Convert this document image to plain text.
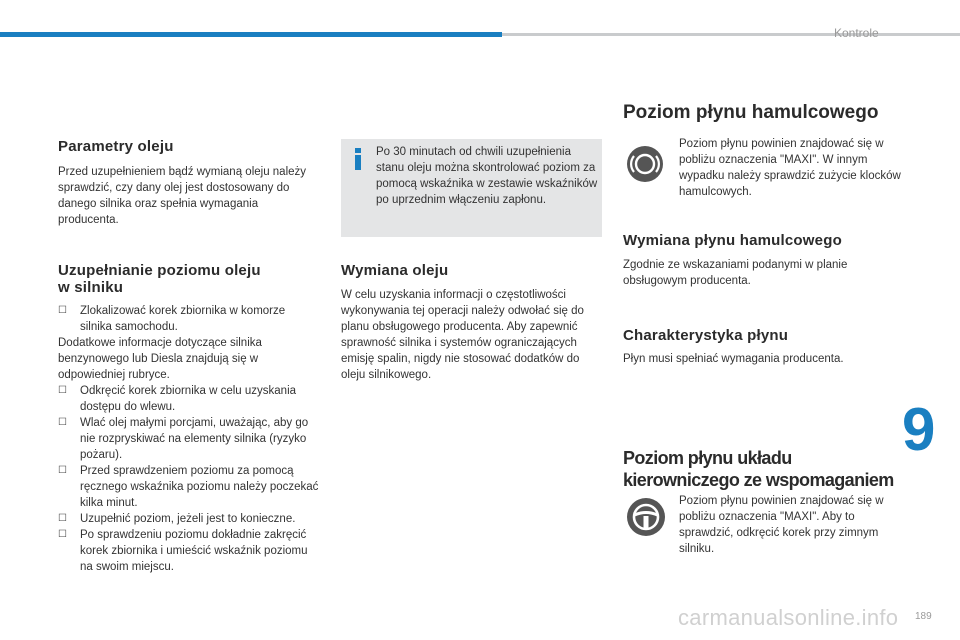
Kontrole
Parametry oleju

Przed uzupełnieniem bądź wymianą oleju należy sprawdzić, czy dany olej jest dostosowany do danego silnika oraz spełnia wymagania producenta.

Uzupełnianie poziomu oleju
w silniku
☐	Zlokalizować korek zbiornika w komorze silnika samochodu.

Dodatkowe informacje dotyczące silnika benzynowego lub Diesla znajdują się w odpowiedniej rubryce.

☐	Odkręcić korek zbiornika w celu uzyskania dostępu do wlewu.
☐	Wlać olej małymi porcjami, uważając, aby go nie rozpryskiwać na elementy silnika (ryzyko pożaru).
☐	Przed sprawdzeniem poziomu za pomocą ręcznego wskaźnika poziomu należy poczekać kilka minut.
☐	Uzupełnić poziom, jeżeli jest to konieczne.
☐	Po sprawdzeniu poziomu dokładnie zakręcić korek zbiornika i umieścić wskaźnik poziomu na swoim miejscu.

Po 30 minutach od chwili uzupełnienia stanu oleju można skontrolować poziom za pomocą wskaźnika w zestawie wskaźników po uprzednim włączeniu zapłonu.

Wymiana oleju

W celu uzyskania informacji o częstotliwości wykonywania tej operacji należy odwołać się do planu obsługowego producenta. Aby zapewnić sprawność silnika i systemów ograniczających emisję spalin, nigdy nie stosować dodatków do oleju silnikowego.

Poziom płynu hamulcowego

Poziom płynu powinien znajdować się w pobliżu oznaczenia "MAXI". W innym wypadku należy sprawdzić zużycie klocków hamulcowych.

Wymiana płynu hamulcowego

Zgodnie ze wskazaniami podanymi w planie obsługowym producenta.

Charakterystyka płynu

Płyn musi spełniać wymagania producenta.

Poziom płynu układu
kierowniczego ze wspomaganiem

Poziom płynu powinien znajdować się w pobliżu oznaczenia "MAXI". Aby to sprawdzić, odkręcić korek przy zimnym silniku.

9
carmanualsonline.info 189
